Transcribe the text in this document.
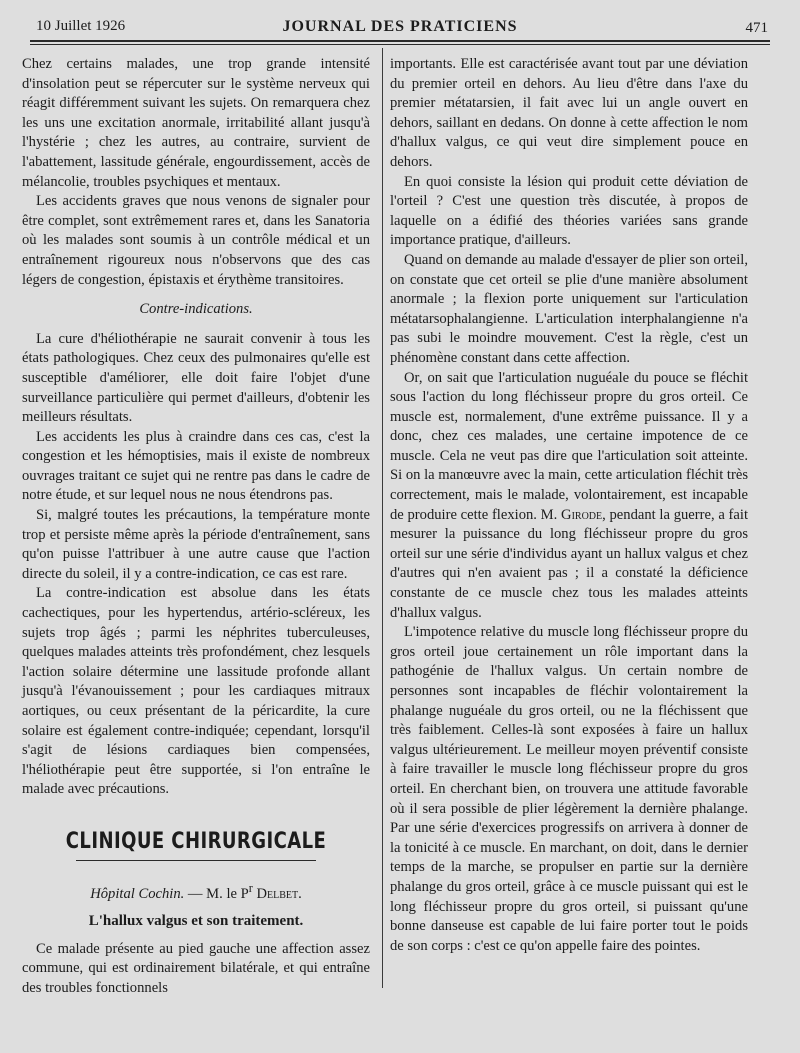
10 Juillet 1926	JOURNAL DES PRATICIENS	471

Chez certains malades, une trop grande intensité d'insolation peut se répercuter sur le système nerveux qui réagit différemment suivant les sujets. On remarquera chez les uns une excitation anormale, irritabilité allant jusqu'à l'hystérie ; chez les autres, au contraire, survient de l'abattement, lassitude générale, engourdissement, accès de mélancolie, troubles psychiques et mentaux.

Les accidents graves que nous venons de signaler pour être complet, sont extrêmement rares et, dans les Sanatoria où les malades sont soumis à un contrôle médical et un entraînement rigoureux nous n'observons que des cas légers de congestion, épistaxis et érythème transitoires.

Contre-indications.

La cure d'héliothérapie ne saurait convenir à tous les états pathologiques. Chez ceux des pulmonaires qu'elle est susceptible d'améliorer, elle doit faire l'objet d'une surveillance particulière qui permet d'ailleurs, d'obtenir les meilleurs résultats.

Les accidents les plus à craindre dans ces cas, c'est la congestion et les hémoptisies, mais il existe de nombreux ouvrages traitant ce sujet qui ne rentre pas dans le cadre de notre étude, et sur lequel nous ne nous étendrons pas.

Si, malgré toutes les précautions, la température monte trop et persiste même après la période d'entraînement, sans qu'on puisse l'attribuer à une autre cause que l'action directe du soleil, il y a contre-indication, ce cas est rare.

La contre-indication est absolue dans les états cachectiques, pour les hypertendus, artério-scléreux, les sujets trop âgés ; parmi les néphrites tuberculeuses, quelques malades atteints très profondément, chez lesquels l'action solaire détermine une lassitude profonde allant jusqu'à l'évanouissement ; pour les cardiaques mitraux aortiques, ou ceux présentant de la péricardite, la cure solaire est également contre-indiquée; cependant, lorsqu'il s'agit de lésions cardiaques bien compensées, l'héliothérapie peut être supportée, si l'on entraîne le malade avec précautions.

CLINIQUE CHIRURGICALE
Hôpital Cochin. — M. le $P^r$ Delbet.
L'hallux valgus et son traitement.

Ce malade présente au pied gauche une affection assez commune, qui est ordinairement bilatérale, et qui entraîne des troubles fonctionnels

importants. Elle est caractérisée avant tout par une déviation du premier orteil en dehors. Au lieu d'être dans l'axe du premier métatarsien, il fait avec lui un angle ouvert en dehors, saillant en dedans. On donne à cette affection le nom d'hallux valgus, ce qui veut dire simplement pouce en dehors.

En quoi consiste la lésion qui produit cette déviation de l'orteil ? C'est une question très discutée, à propos de laquelle on a édifié des théories variées sans grande importance pratique, d'ailleurs.

Quand on demande au malade d'essayer de plier son orteil, on constate que cet orteil se plie d'une manière absolument anormale ; la flexion porte uniquement sur l'articulation métatarsophalangienne. L'articulation interphalangienne n'a pas subi le moindre mouvement. C'est la règle, c'est un phénomène constant dans cette affection.

Or, on sait que l'articulation nuguéale du pouce se fléchit sous l'action du long fléchisseur propre du gros orteil. Ce muscle est, normalement, d'une extrême puissance. Il y a donc, chez ces malades, une certaine impotence de ce muscle. Cela ne veut pas dire que l'articulation soit atteinte. Si on la manœuvre avec la main, cette articulation fléchit très correctement, mais le malade, volontairement, est incapable de produire cette flexion. M. Girode, pendant la guerre, a fait mesurer la puissance du long fléchisseur propre du gros orteil sur une série d'individus ayant un hallux valgus et chez d'autres qui n'en avaient pas ; il a constaté la déficience constante de ce muscle chez tous les malades atteints d'hallux valgus.

L'impotence relative du muscle long fléchisseur propre du gros orteil joue certainement un rôle important dans la pathogénie de l'hallux valgus. Un certain nombre de personnes sont incapables de fléchir volontairement la phalange nuguéale du gros orteil, ou ne la fléchissent que très faiblement. Celles-là sont exposées à faire un hallux valgus ultérieurement. Le meilleur moyen préventif consiste à faire travailler le muscle long fléchisseur propre du gros orteil. En cherchant bien, on trouvera une attitude favorable où il sera possible de plier légèrement la dernière phalange. Par une série d'exercices progressifs on arrivera à donner de la tonicité à ce muscle. En marchant, on doit, dans le dernier temps de la marche, se propulser en partie sur la dernière phalange du gros orteil, grâce à ce muscle puissant qui est le long fléchisseur propre du gros orteil, si puissant qu'une bonne danseuse est capable de lui faire porter tout le poids de son corps : c'est ce qu'on appelle faire des pointes.
